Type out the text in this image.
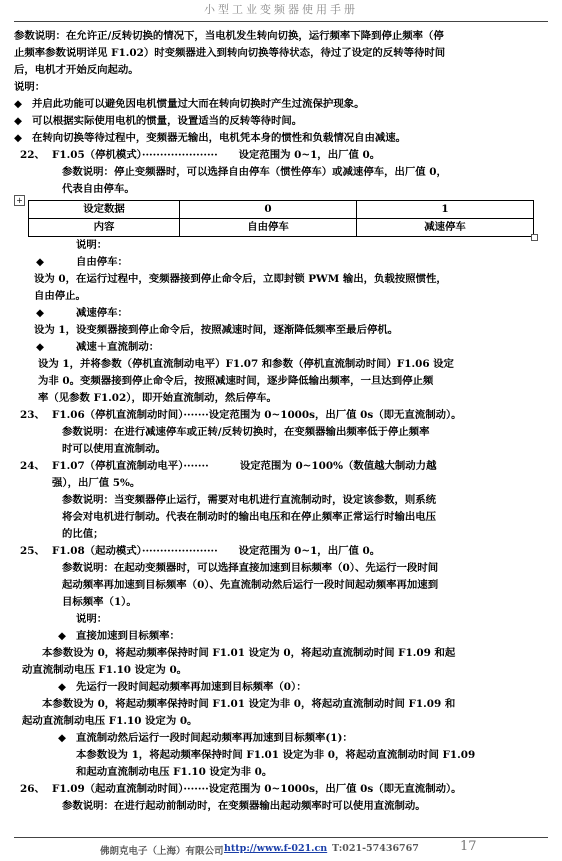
小型工业变频器使用手册

参数说明：在允许正/反转切换的情况下，当电机发生转向切换，运行频率下降到停止频率（停

止频率参数说明详见 F1.02）时变频器进入到转向切换等待状态，待过了设定的反转等待时间

后，电机才开始反向起动。

说明：

◆ 并启此功能可以避免因电机惯量过大而在转向切换时产生过流保护现象。
◆ 可以根据实际使用电机的惯量，设置适当的反转等待时间。
◆ 在转向切换等待过程中，变频器无输出，电机凭本身的惯性和负载情况自由减速。
22、 F1.05（停机模式）·····················　　设定范围为 0~1，出厂值 0。

参数说明：停止变频器时，可以选择自由停车（惯性停车）或减速停车，出厂值 0，

代表自由停车。

+
设定数据	0	1
内容	自由停车	减速停车

说明：

◆	自由停车：

设为 0，在运行过程中，变频器接到停止命令后，立即封锁 PWM 输出，负载按照惯性，

自由停止。

◆	减速停车：

设为 1，设变频器接到停止命令后，按照减速时间，逐渐降低频率至最后停机。

◆	减速＋直流制动：

设为 1，并将参数（停机直流制动电平）F1.07 和参数（停机直流制动时间）F1.06 设定

为非 0。变频器接到停止命令后，按照减速时间，逐步降低输出频率，一旦达到停止频

率（见参数 F1.02），即开始直流制动，然后停车。

23、 F1.06（停机直流制动时间）·······设定范围为 0~1000s，出厂值 0s（即无直流制动）。

参数说明：在进行减速停车或正转/反转切换时，在变频器输出频率低于停止频率

时可以使用直流制动。

24、 F1.07（停机直流制动电平）·······　　　设定范围为 0~100%（数值越大制动力越

强），出厂值 5%。

参数说明：当变频器停止运行，需要对电机进行直流制动时，设定该参数，则系统

将会对电机进行制动。代表在制动时的输出电压和在停止频率正常运行时输出电压

的比值；

25、 F1.08（起动模式）·····················　　设定范围为 0~1，出厂值 0。

参数说明：在起动变频器时，可以选择直接加速到目标频率（0）、先运行一段时间

起动频率再加速到目标频率（0）、先直流制动然后运行一段时间起动频率再加速到

目标频率（1）。

说明：

◆ 直接加速到目标频率：

本参数设为 0，将起动频率保持时间 F1.01 设定为 0，将起动直流制动时间 F1.09 和起

动直流制动电压 F1.10 设定为 0。

◆ 先运行一段时间起动频率再加速到目标频率（0）：

本参数设为 0，将起动频率保持时间 F1.01 设定为非 0，将起动直流制动时间 F1.09 和

起动直流制动电压 F1.10 设定为 0。

◆ 直流制动然后运行一段时间起动频率再加速到目标频率(1)：

本参数设为 1，将起动频率保持时间 F1.01 设定为非 0，将起动直流制动时间 F1.09

和起动直流制动电压 F1.10 设定为非 0。

26、 F1.09（起动直流制动时间）·······设定范围为 0~1000s，出厂值 0s（即无直流制动）。

参数说明：在进行起动前制动时，在变频器输出起动频率时可以使用直流制动。

佛朗克电子（上海）有限公司 http://www.f-021.cn T:021-57436767	17
